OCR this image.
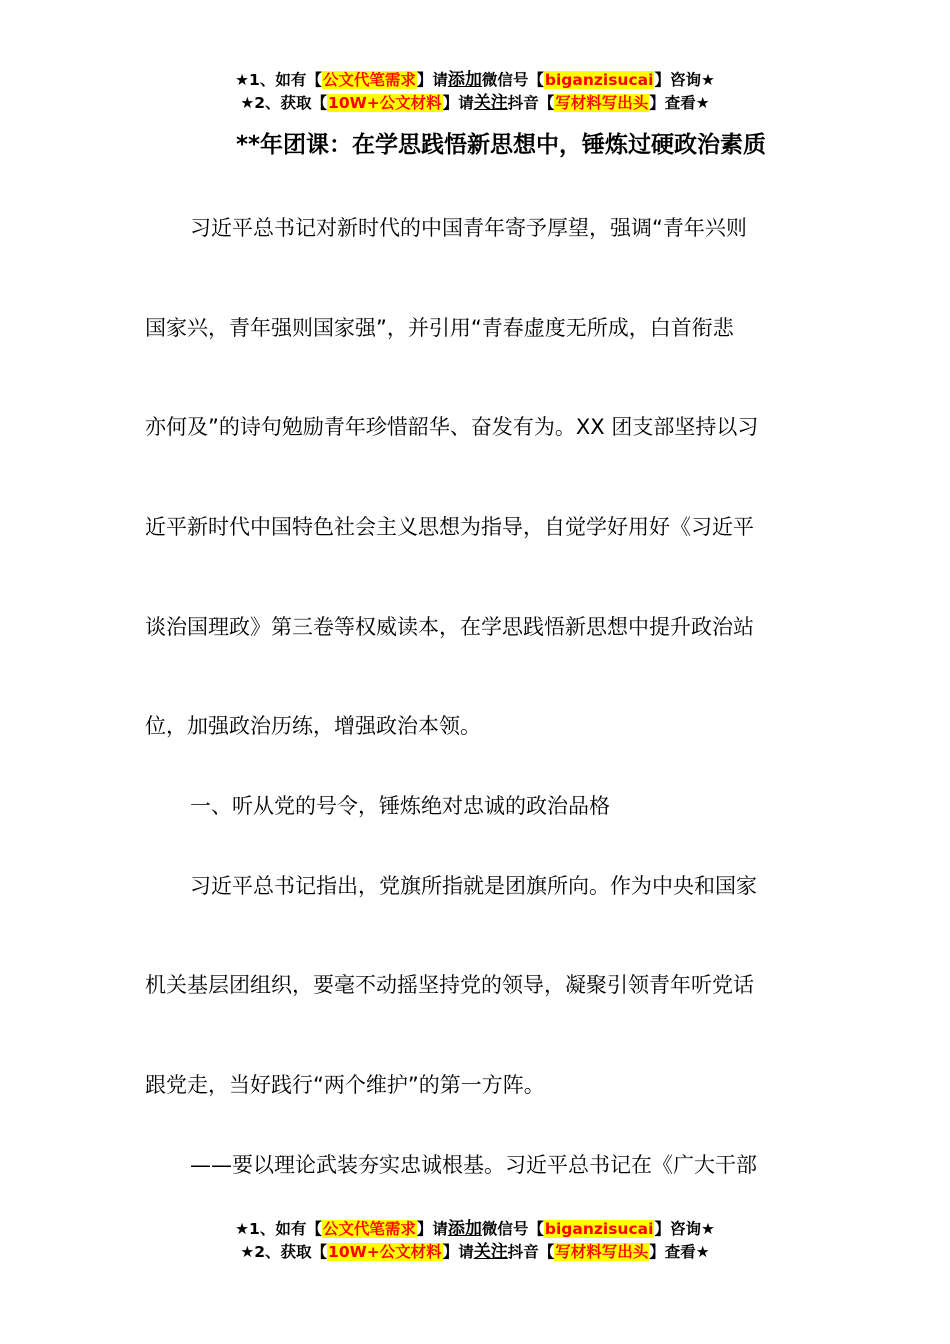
★1、如有【公文代笔需求】请添加微信号【biganzisucai】咨询★
★2、获取【10W+公文材料】请关注抖音【写材料写出头】查看★
**年团课：在学思践悟新思想中，锤炼过硬政治素质
习近平总书记对新时代的中国青年寄予厚望，强调“青年兴则
国家兴，青年强则国家强”，并引用“青春虚度无所成，白首衔悲
亦何及”的诗句勉励青年珍惜韶华、奋发有为。XX 团支部坚持以习
近平新时代中国特色社会主义思想为指导，自觉学好用好《习近平
谈治国理政》第三卷等权威读本，在学思践悟新思想中提升政治站
位，加强政治历练，增强政治本领。
一、听从党的号令，锤炼绝对忠诚的政治品格
习近平总书记指出，党旗所指就是团旗所向。作为中央和国家
机关基层团组织，要毫不动摇坚持党的领导，凝聚引领青年听党话
跟党走，当好践行“两个维护”的第一方阵。
——要以理论武装夯实忠诚根基。习近平总书记在《广大干部
★1、如有【公文代笔需求】请添加微信号【biganzisucai】咨询★
★2、获取【10W+公文材料】请关注抖音【写材料写出头】查看★
